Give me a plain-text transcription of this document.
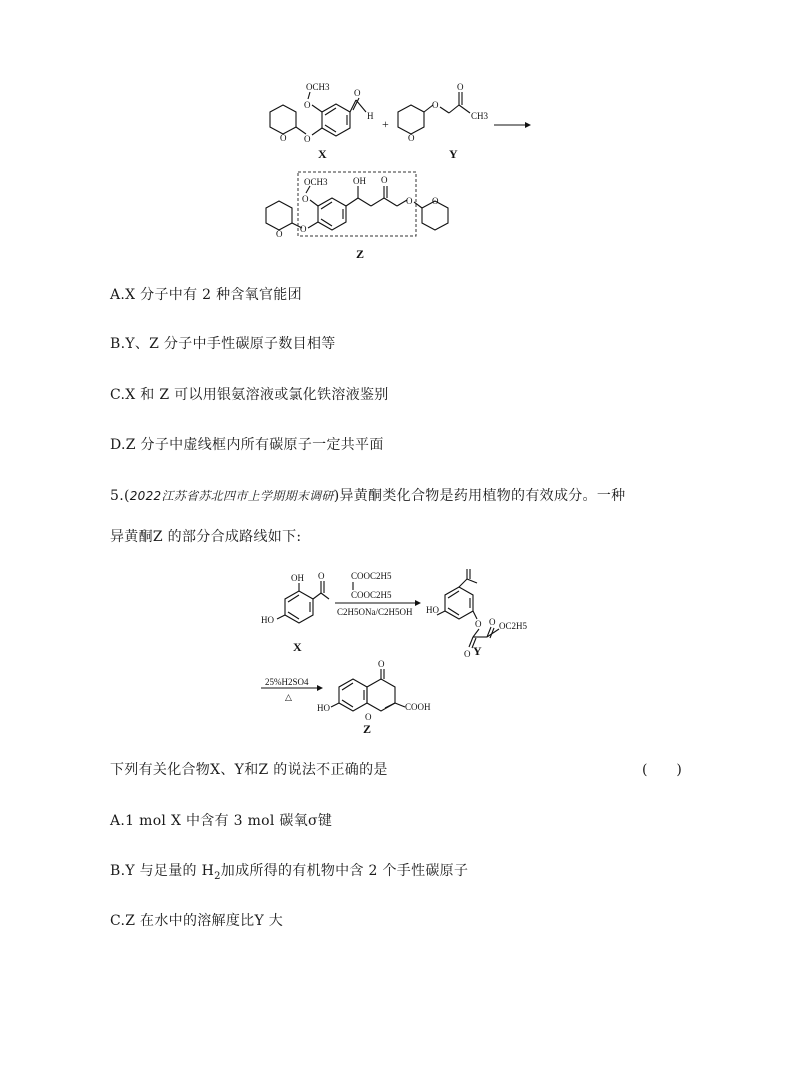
O O
O
OCH3
O
H
X
+
O
O
O
CH3
Y
O O
O
OCH3	OH O
O O
Z
A.X 分子中有 2 种含氧官能团
B.Y、Z 分子中手性碳原子数目相等
C.X 和 Z 可以用银氨溶液或氯化铁溶液鉴别
D.Z 分子中虚线框内所有碳原子一定共平面
5.(2022江苏省苏北四市上学期期末调研)异黄酮类化合物是药用植物的有效成分。一种
异黄酮Z 的部分合成路线如下:
OH O
HO
X
COOC2H5
COOC2H5
C2H5ONa/C2H5OH HO
O
O
O OC2H5
Y
25%H2SO4
△
O
O
COOH
HO
Z
下列有关化合物X、Y和Z 的说法不正确的是	(　　)
A.1 mol X 中含有 3 mol 碳氧σ键
B.Y 与足量的 $H_2$加成所得的有机物中含 2 个手性碳原子
C.Z 在水中的溶解度比Y 大
